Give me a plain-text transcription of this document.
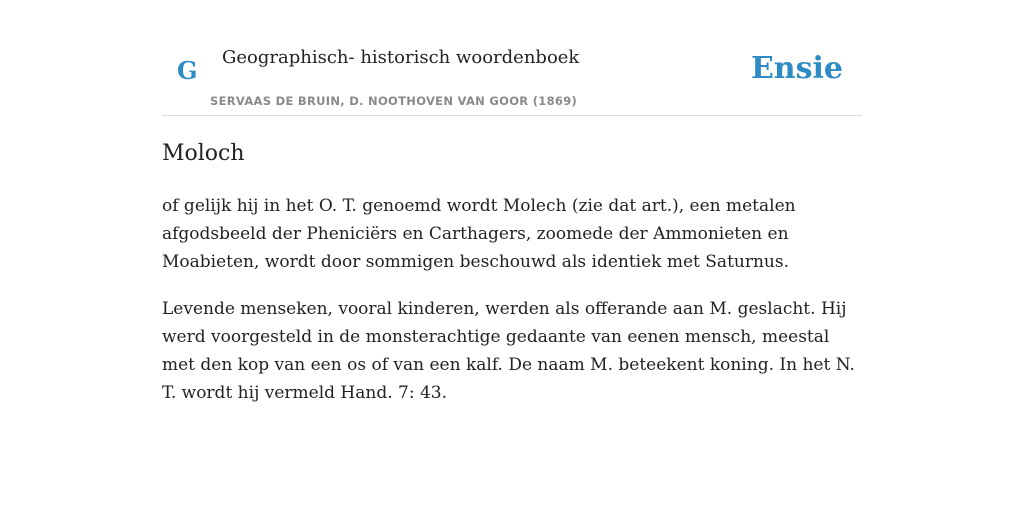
G Geographisch- historisch woordenboek
SERVAAS DE BRUIN, D. NOOTHOVEN VAN GOOR (1869)
Ensie
Moloch

of gelijk hij in het O. T. genoemd wordt Molech (zie dat art.), een metalen afgodsbeeld der Pheniciërs en Carthagers, zoomede der Ammonieten en Moabieten, wordt door sommigen beschouwd als identiek met Saturnus.

Levende menseken, vooral kinderen, werden als offerande aan M. geslacht. Hij werd voorgesteld in de monsterachtige gedaante van eenen mensch, meestal met den kop van een os of van een kalf. De naam M. beteekent koning. In het N. T. wordt hij vermeld Hand. 7: 43.
